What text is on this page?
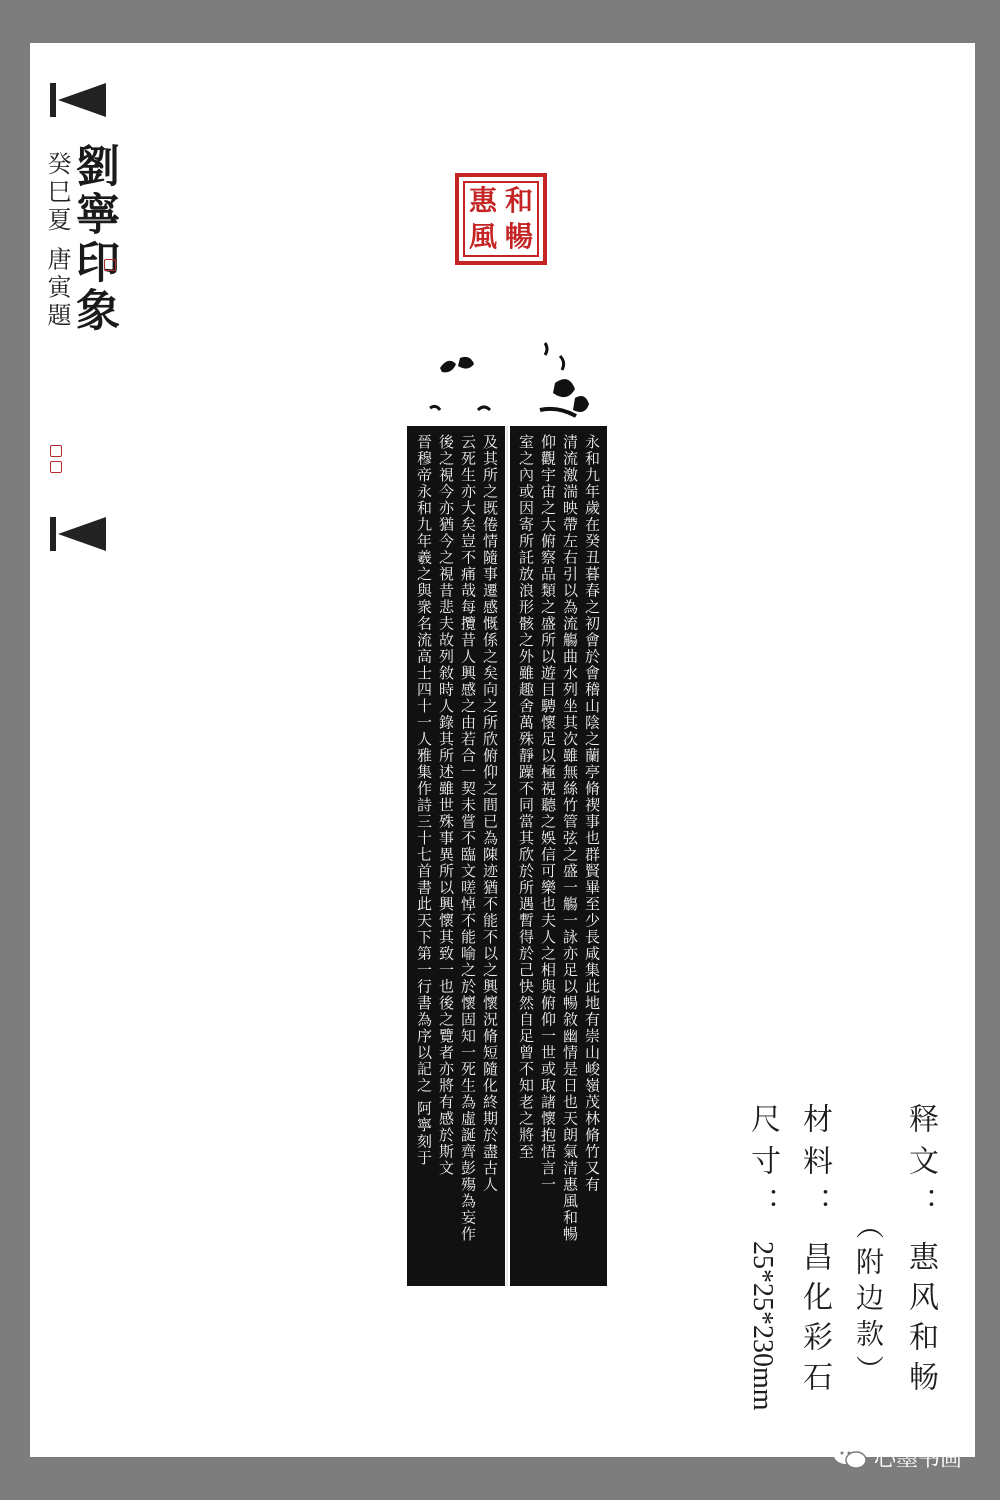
劉寧印象
癸巳夏 唐寅題	惠 和
風 暢
及其所之既倦情隨事遷感慨係之矣向之所欣俯仰之間已為陳迹猶不能不以之興懷況脩短隨化終期於盡古人
云死生亦大矣豈不痛哉每攬昔人興感之由若合一契未嘗不臨文嗟悼不能喻之於懷固知一死生為虛誕齊彭殤為妄作
後之視今亦猶今之視昔悲夫故列敘時人錄其所述雖世殊事異所以興懷其致一也後之覽者亦將有感於斯文
晉穆帝永和九年羲之與衆名流高士四十一人雅集作詩三十七首書此天下第一行書為序以記之 阿寧刻于	永和九年歲在癸丑暮春之初會於會稽山陰之蘭亭脩禊事也群賢畢至少長咸集此地有崇山峻嶺茂林脩竹又有
清流激湍映帶左右引以為流觴曲水列坐其次雖無絲竹管弦之盛一觴一詠亦足以暢敘幽情是日也天朗氣清惠風和暢
仰觀宇宙之大俯察品類之盛所以遊目騁懷足以極視聽之娛信可樂也夫人之相與俯仰一世或取諸懷抱悟言一
室之內或因寄所託放浪形骸之外雖趣舍萬殊靜躁不同當其欣於所遇暫得於己快然自足曾不知老之將至
释文：惠风和畅
（附边款）
材料：昌化彩石
尺寸：25*25*230mm
心墨书画
